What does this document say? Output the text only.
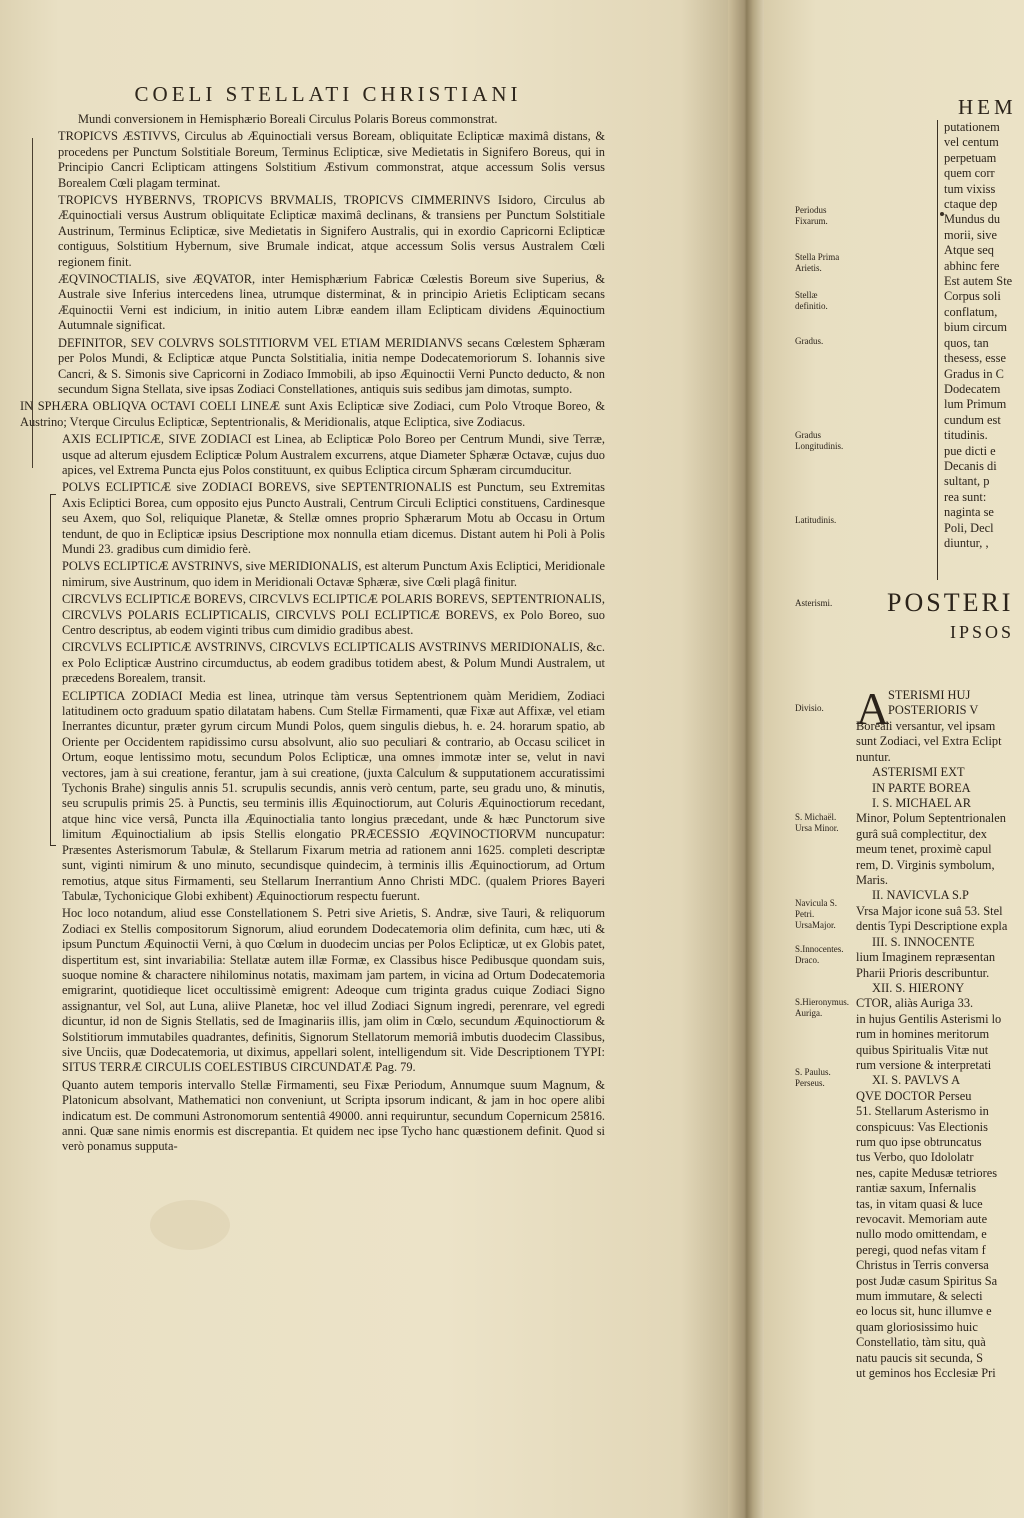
COELI STELLATI CHRISTIANI

Mundi conversionem in Hemisphærio Boreali Circulus Polaris Boreus commonstrat.

TROPICVS ÆSTIVVS, Circulus ab Æquinoctiali versus Boream, obliquitate Eclipticæ maximâ distans, & procedens per Punctum Solstitiale Boreum, Terminus Eclipticæ, sive Medietatis in Signifero Boreus, qui in Principio Cancri Eclipticam attingens Solstitium Æstivum commonstrat, atque accessum Solis versus Borealem Cœli plagam terminat.

TROPICVS HYBERNVS, TROPICVS BRVMALIS, TROPICVS CIMMERINVS Isidoro, Circulus ab Æquinoctiali versus Austrum obliquitate Eclipticæ maximâ declinans, & transiens per Punctum Solstitiale Austrinum, Terminus Eclipticæ, sive Medietatis in Signifero Australis, qui in exordio Capricorni Eclipticæ contiguus, Solstitium Hybernum, sive Brumale indicat, atque accessum Solis versus Australem Cœli regionem finit.

ÆQVINOCTIALIS, sive ÆQVATOR, inter Hemisphærium Fabricæ Cœlestis Boreum sive Superius, & Australe sive Inferius intercedens linea, utrumque disterminat, & in principio Arietis Eclipticam secans Æquinoctii Verni est indicium, in initio autem Libræ eandem illam Eclipticam dividens Æquinoctium Autumnale significat.

DEFINITOR, SEV COLVRVS SOLSTITIORVM VEL ETIAM MERIDIANVS secans Cœlestem Sphæram per Polos Mundi, & Eclipticæ atque Puncta Solstitialia, initia nempe Dodecatemoriorum S. Iohannis sive Cancri, & S. Simonis sive Capricorni in Zodiaco Immobili, ab ipso Æquinoctii Verni Puncto deducto, & non secundum Signa Stellata, sive ipsas Zodiaci Constellationes, antiquis suis sedibus jam dimotas, sumpto.

IN SPHÆRA OBLIQVA OCTAVI COELI LINEÆ sunt Axis Eclipticæ sive Zodiaci, cum Polo Vtroque Boreo, & Austrino; Vterque Circulus Eclipticæ, Septentrionalis, & Meridionalis, atque Ecliptica, sive Zodiacus.

AXIS ECLIPTICÆ, SIVE ZODIACI est Linea, ab Eclipticæ Polo Boreo per Centrum Mundi, sive Terræ, usque ad alterum ejusdem Eclipticæ Polum Australem excurrens, atque Diameter Sphæræ Octavæ, cujus duo apices, vel Extrema Puncta ejus Polos constituunt, ex quibus Ecliptica circum Sphæram circumducitur.

POLVS ECLIPTICÆ sive ZODIACI BOREVS, sive SEPTENTRIONALIS est Punctum, seu Extremitas Axis Ecliptici Borea, cum opposito ejus Puncto Australi, Centrum Circuli Ecliptici constituens, Cardinesque seu Axem, quo Sol, reliquique Planetæ, & Stellæ omnes proprio Sphærarum Motu ab Occasu in Ortum tendunt, de quo in Eclipticæ ipsius Descriptione mox nonnulla etiam dicemus. Distant autem hi Poli à Polis Mundi 23. gradibus cum dimidio ferè.

POLVS ECLIPTICÆ AVSTRINVS, sive MERIDIONALIS, est alterum Punctum Axis Ecliptici, Meridionale nimirum, sive Austrinum, quo idem in Meridionali Octavæ Sphæræ, sive Cœli plagâ finitur.

CIRCVLVS ECLIPTICÆ BOREVS, CIRCVLVS ECLIPTICÆ POLARIS BOREVS, SEPTENTRIONALIS, CIRCVLVS POLARIS ECLIPTICALIS, CIRCVLVS POLI ECLIPTICÆ BOREVS, ex Polo Boreo, suo Centro descriptus, ab eodem viginti tribus cum dimidio gradibus abest.

CIRCVLVS ECLIPTICÆ AVSTRINVS, CIRCVLVS ECLIPTICALIS AVSTRINVS MERIDIONALIS, &c. ex Polo Eclipticæ Austrino circumductus, ab eodem gradibus totidem abest, & Polum Mundi Australem, ut præcedens Borealem, transit.

ECLIPTICA ZODIACI Media est linea, utrinque tàm versus Septentrionem quàm Meridiem, Zodiaci latitudinem octo graduum spatio dilatatam habens. Cum Stellæ Firmamenti, quæ Fixæ aut Affixæ, vel etiam Inerrantes dicuntur, præter gyrum circum Mundi Polos, quem singulis diebus, h. e. 24. horarum spatio, ab Oriente per Occidentem rapidissimo cursu absolvunt, alio suo peculiari & contrario, ab Occasu scilicet in Ortum, eoque lentissimo motu, secundum Polos Eclipticæ, una omnes immotæ inter se, velut in navi vectores, jam à sui creatione, ferantur, jam à sui creatione, (juxta Calculum & supputationem accuratissimi Tychonis Brahe) singulis annis 51. scrupulis secundis, annis verò centum, parte, seu gradu uno, & minutis, seu scrupulis primis 25. à Punctis, seu terminis illis Æquinoctiorum, aut Coluris Æquinoctiorum recedant, atque hinc vice versâ, Puncta illa Æquinoctialia tanto longius præcedant, unde & hæc Punctorum sive limitum Æquinoctialium ab ipsis Stellis elongatio PRÆCESSIO ÆQVINOCTIORVM nuncupatur: Præsentes Asterismorum Tabulæ, & Stellarum Fixarum metria ad rationem anni 1625. completi descriptæ sunt, viginti nimirum & uno minuto, secundisque quindecim, à terminis illis Æquinoctiorum, ad Ortum remotius, atque situs Firmamenti, seu Stellarum Inerrantium Anno Christi MDC. (qualem Priores Bayeri Tabulæ, Tychonicique Globi exhibent) Æquinoctiorum respectu fuerunt.

Hoc loco notandum, aliud esse Constellationem S. Petri sive Arietis, S. Andræ, sive Tauri, & reliquorum Zodiaci ex Stellis compositorum Signorum, aliud eorundem Dodecatemoria olim definita, cum hæc, uti & ipsum Punctum Æquinoctii Verni, à quo Cœlum in duodecim uncias per Polos Eclipticæ, ut ex Globis patet, dispertitum est, sint invariabilia: Stellatæ autem illæ Formæ, ex Classibus hisce Pedibusque quondam suis, suoque nomine & charactere nihilominus notatis, maximam jam partem, in vicina ad Ortum Dodecatemoria emigrarint, quotidieque licet occultissimè emigrent: Adeoque cum triginta gradus cuique Zodiaci Signo assignantur, vel Sol, aut Luna, aliive Planetæ, hoc vel illud Zodiaci Signum ingredi, perenrare, vel egredi dicuntur, id non de Signis Stellatis, sed de Imaginariis illis, jam olim in Cœlo, secundum Æquinoctiorum & Solstitiorum immutabiles quadrantes, definitis, Signorum Stellatorum memoriâ imbutis duodecim Classibus, sive Unciis, quæ Dodecatemoria, ut diximus, appellari solent, intelligendum sit. Vide Descriptionem TYPI: SITUS TERRÆ CIRCULIS COELESTIBUS CIRCUNDATÆ Pag. 79.

Quanto autem temporis intervallo Stellæ Firmamenti, seu Fixæ Periodum, Annumque suum Magnum, & Platonicum absolvant, Mathematici non conveniunt, ut Scripta ipsorum indicant, & jam in hoc opere alibi indicatum est. De communi Astronomorum sententiâ 49000. anni requiruntur, secundum Copernicum 25816. anni. Quæ sane nimis enormis est discrepantia. Et quidem nec ipse Tycho hanc quæstionem definit. Quod si verò ponamus supputa-

HEM
Periodus Fixarum.
Stella Prima Arietis.
Stellæ definitio.
Gradus.
Gradus Longitudinis.
Latitudinis.
Asterismi.
Divisio.
S. Michaël. Ursa Minor.
Navicula S. Petri. UrsaMajor.
S.Innocentes. Draco.
S.Hieronymus. Auriga.
S. Paulus. Perseus.

putationem

vel centum

perpetuam

quem corr

tum vixiss

ctaque dep

Mundus du

morii, sive

Atque seq

abhinc fere

Est autem Ste

Corpus soli

conflatum,

bium circum

quos, tan

thesess, esse

Gradus in C

Dodecatem

lum Primum

cundum est

titudinis.

pue dicti e

Decanis di

sultant, p

rea sunt:

naginta se

Poli, Decl

diuntur, ,

POSTERI
IPSOS
A

STERISMI HUJ

POSTERIORIS V

Boreali versantur, vel ipsam

sunt Zodiaci, vel Extra Eclipt

nuntur.

ASTERISMI EXT

IN PARTE BOREA

I. S. MICHAEL AR

Minor, Polum Septentrionalen

gurâ suâ complectitur, dex

meum tenet, proximè capul

rem, D. Virginis symbolum,

Maris.

II. NAVICVLA S.P

Vrsa Major icone suâ 53. Stel

dentis Typi Descriptione expla

III. S. INNOCENTE

lium Imaginem repræsentan

Pharii Prioris describuntur.

XII. S. HIERONY

CTOR, aliàs Auriga 33.

in hujus Gentilis Asterismi lo

rum in homines meritorum

quibus Spiritualis Vitæ nut

rum versione & interpretati

XI. S. PAVLVS A

QVE DOCTOR Perseu

51. Stellarum Asterismo in

conspicuus: Vas Electionis

rum quo ipse obtruncatus

tus Verbo, quo Idololatr

nes, capite Medusæ tetriores

rantiæ saxum, Infernalis

tas, in vitam quasi & luce

revocavit. Memoriam aute

nullo modo omittendam, e

peregi, quod nefas vitam f

Christus in Terris conversa

post Judæ casum Spiritus Sa

mum immutare, & selecti

eo locus sit, hunc illumve e

quam gloriosissimo huic

Constellatio, tàm situ, quà

natu paucis sit secunda, S

ut geminos hos Ecclesiæ Pri
